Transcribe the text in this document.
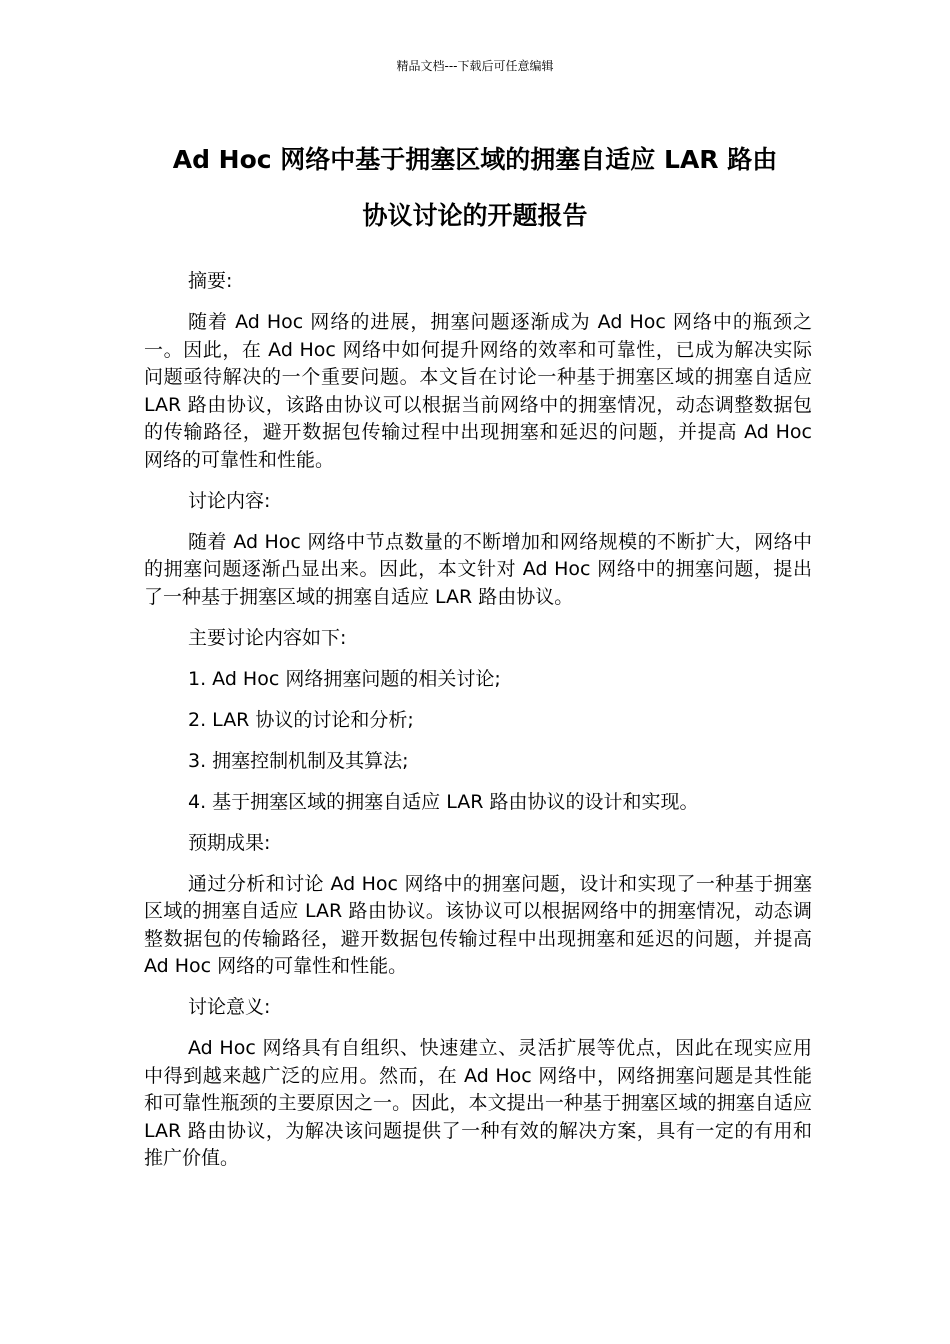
精品文档---下载后可任意编辑
Ad Hoc 网络中基于拥塞区域的拥塞自适应 LAR 路由
协议讨论的开题报告

摘要:

随着 Ad Hoc 网络的进展，拥塞问题逐渐成为 Ad Hoc 网络中的瓶颈之一。因此，在 Ad Hoc 网络中如何提升网络的效率和可靠性，已成为解决实际问题亟待解决的一个重要问题。本文旨在讨论一种基于拥塞区域的拥塞自适应 LAR 路由协议，该路由协议可以根据当前网络中的拥塞情况，动态调整数据包的传输路径，避开数据包传输过程中出现拥塞和延迟的问题，并提高 Ad Hoc 网络的可靠性和性能。

讨论内容:

随着 Ad Hoc 网络中节点数量的不断增加和网络规模的不断扩大，网络中的拥塞问题逐渐凸显出来。因此，本文针对 Ad Hoc 网络中的拥塞问题，提出了一种基于拥塞区域的拥塞自适应 LAR 路由协议。

主要讨论内容如下:

1. Ad Hoc 网络拥塞问题的相关讨论;

2. LAR 协议的讨论和分析;

3. 拥塞控制机制及其算法;

4. 基于拥塞区域的拥塞自适应 LAR 路由协议的设计和实现。

预期成果:

通过分析和讨论 Ad Hoc 网络中的拥塞问题，设计和实现了一种基于拥塞区域的拥塞自适应 LAR 路由协议。该协议可以根据网络中的拥塞情况，动态调整数据包的传输路径，避开数据包传输过程中出现拥塞和延迟的问题，并提高 Ad Hoc 网络的可靠性和性能。

讨论意义:

Ad Hoc 网络具有自组织、快速建立、灵活扩展等优点，因此在现实应用中得到越来越广泛的应用。然而，在 Ad Hoc 网络中，网络拥塞问题是其性能和可靠性瓶颈的主要原因之一。因此，本文提出一种基于拥塞区域的拥塞自适应 LAR 路由协议，为解决该问题提供了一种有效的解决方案，具有一定的有用和推广价值。
